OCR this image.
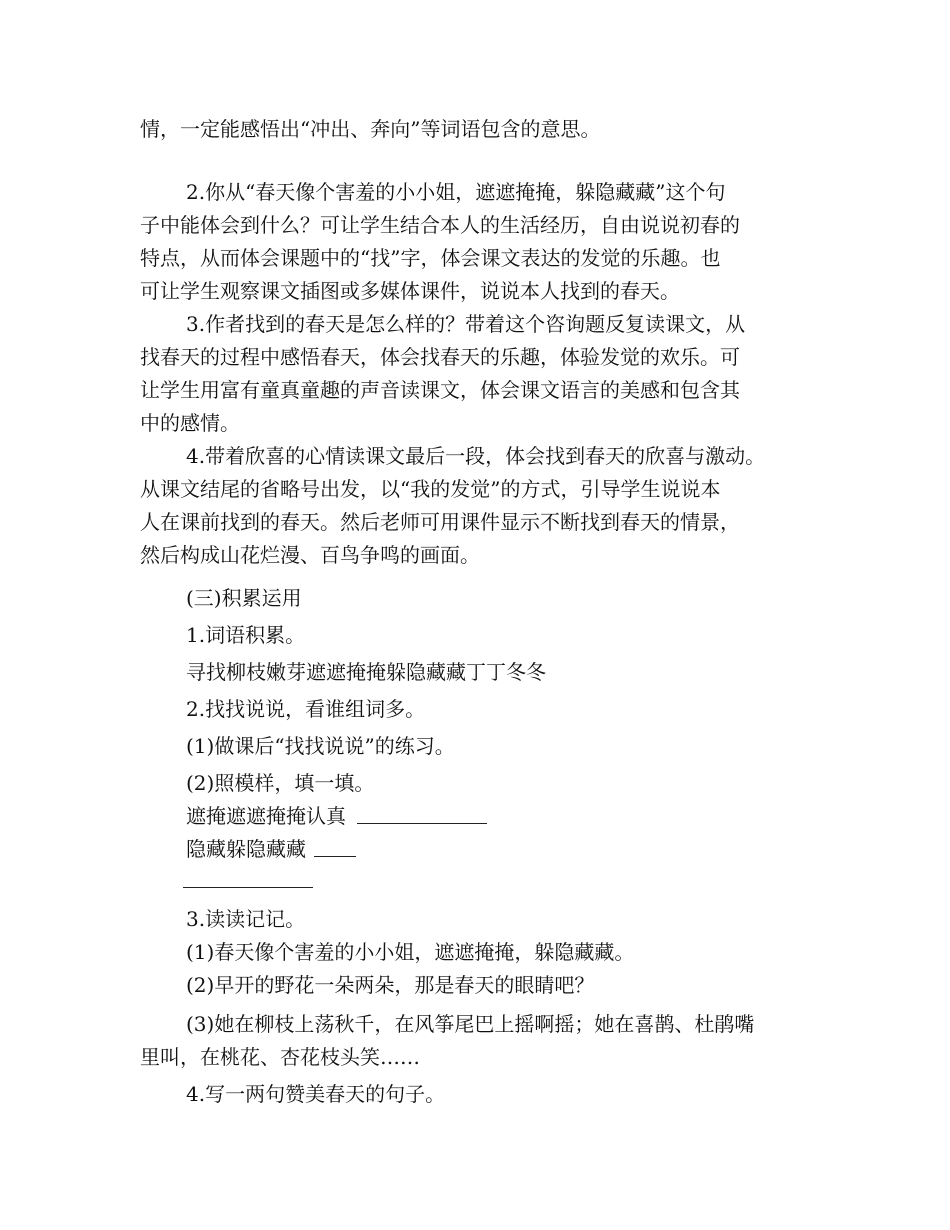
情，一定能感悟出“冲出、奔向”等词语包含的意思。
2.你从“春天像个害羞的小小姐，遮遮掩掩，躲隐藏藏”这个句
子中能体会到什么？可让学生结合本人的生活经历，自由说说初春的
特点，从而体会课题中的“找”字，体会课文表达的发觉的乐趣。也
可让学生观察课文插图或多媒体课件，说说本人找到的春天。
3.作者找到的春天是怎么样的？带着这个咨询题反复读课文，从
找春天的过程中感悟春天，体会找春天的乐趣，体验发觉的欢乐。可
让学生用富有童真童趣的声音读课文，体会课文语言的美感和包含其
中的感情。
4.带着欣喜的心情读课文最后一段，体会找到春天的欣喜与激动。
从课文结尾的省略号出发，以“我的发觉”的方式，引导学生说说本
人在课前找到的春天。然后老师可用课件显示不断找到春天的情景，
然后构成山花烂漫、百鸟争鸣的画面。
(三)积累运用
1.词语积累。
寻找柳枝嫩芽遮遮掩掩躲隐藏藏丁丁冬冬
2.找找说说，看谁组词多。
(1)做课后“找找说说”的练习。
(2)照模样，填一填。
遮掩遮遮掩掩认真
隐藏躲隐藏藏
3.读读记记。
(1)春天像个害羞的小小姐，遮遮掩掩，躲隐藏藏。
(2)早开的野花一朵两朵，那是春天的眼睛吧？
(3)她在柳枝上荡秋千，在风筝尾巴上摇啊摇；她在喜鹊、杜鹃嘴
里叫，在桃花、杏花枝头笑……
4.写一两句赞美春天的句子。
